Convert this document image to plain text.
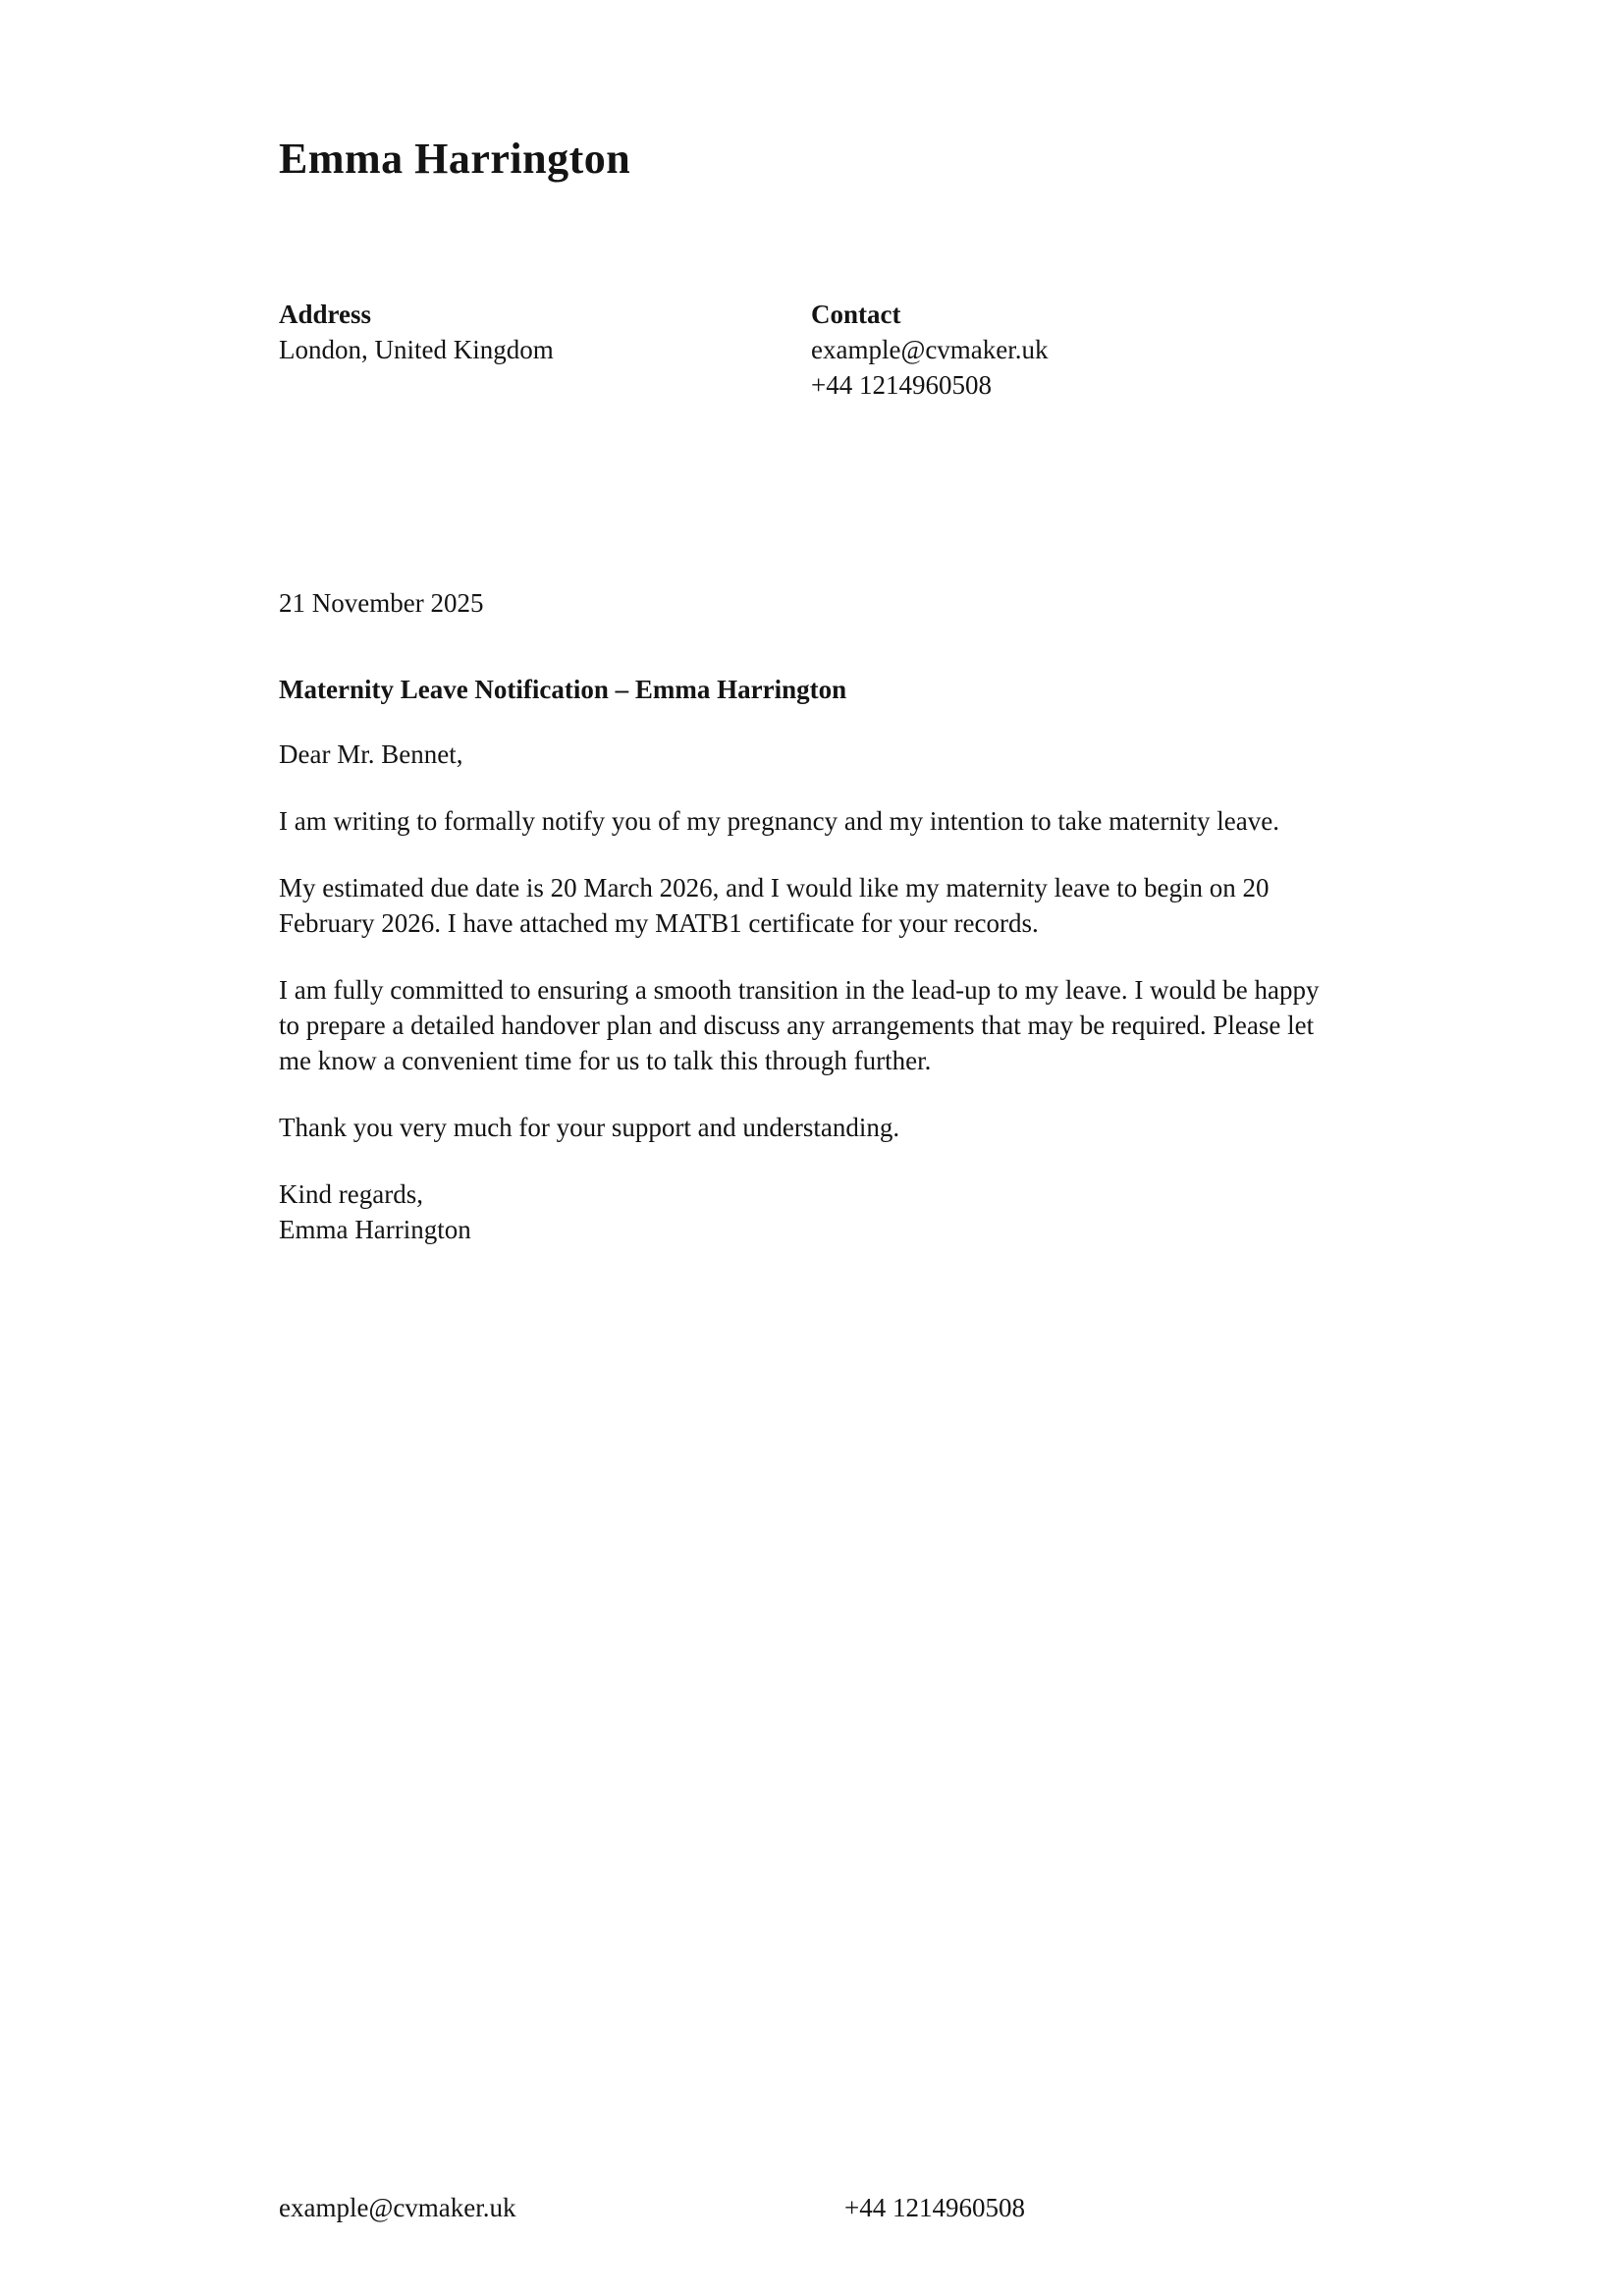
Emma Harrington
Address
London, United Kingdom
Contact
example@cvmaker.uk
+44 1214960508

21 November 2025

Maternity Leave Notification – Emma Harrington

Dear Mr. Bennet,

I am writing to formally notify you of my pregnancy and my intention to take maternity leave.

My estimated due date is 20 March 2026, and I would like my maternity leave to begin on 20 February 2026. I have attached my MATB1 certificate for your records.

I am fully committed to ensuring a smooth transition in the lead-up to my leave. I would be happy to prepare a detailed handover plan and discuss any arrangements that may be required. Please let me know a convenient time for us to talk this through further.

Thank you very much for your support and understanding.

Kind regards,
Emma Harrington
example@cvmaker.uk	+44 1214960508
